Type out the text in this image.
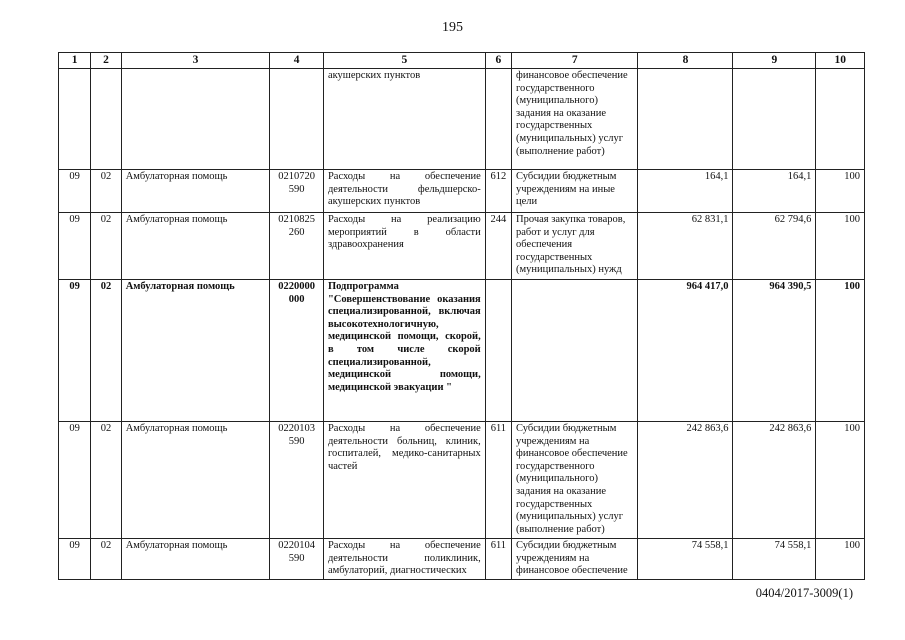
195
1	2	3	4	5	6	7	8	9	10
				акушерских пунктов		финансовое обеспечение государственного (муниципального) задания на оказание государственных (муниципальных) услуг (выполнение работ)			
09	02	Амбулаторная помощь	0210720 590	Расходы на обеспечение деятельности фельдшерско-акушерских пунктов	612	Субсидии бюджетным учреждениям на иные цели	164,1	164,1	100
09	02	Амбулаторная помощь	0210825 260	Расходы на реализацию мероприятий в области здравоохранения	244	Прочая закупка товаров, работ и услуг для обеспечения государственных (муниципальных) нужд	62 831,1	62 794,6	100
09	02	Амбулаторная помощь	0220000 000	Подпрограмма "Совершенствование оказания специализированной, включая высокотехнологичную, медицинской помощи, скорой, в том числе скорой специализированной, медицинской помощи, медицинской эвакуации "			964 417,0	964 390,5	100
09	02	Амбулаторная помощь	0220103 590	Расходы на обеспечение деятельности больниц, клиник, госпиталей, медико-санитарных частей	611	Субсидии бюджетным учреждениям на финансовое обеспечение государственного (муниципального) задания на оказание государственных (муниципальных) услуг (выполнение работ)	242 863,6	242 863,6	100
09	02	Амбулаторная помощь	0220104 590	Расходы на обеспечение деятельности поликлиник, амбулаторий, диагностических	611	Субсидии бюджетным учреждениям на финансовое обеспечение	74 558,1	74 558,1	100
0404/2017-3009(1)
